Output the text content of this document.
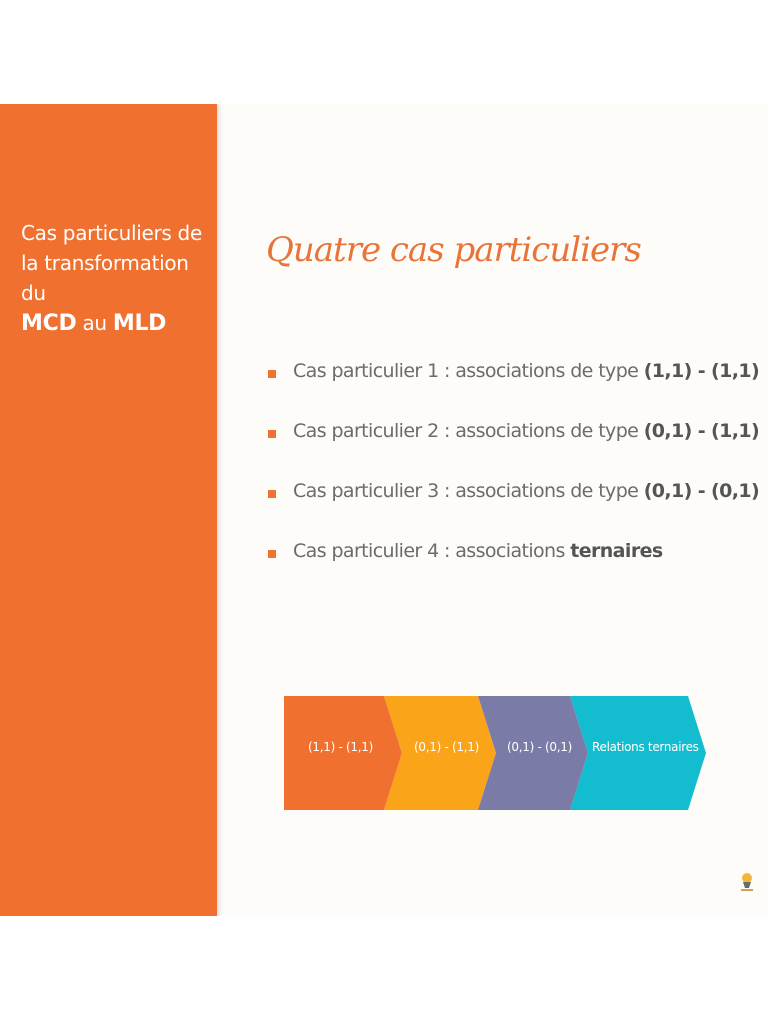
Cas particuliers de
la transformation du
MCD au MLD
Quatre cas particuliers
Cas particulier 1 : associations de type (1,1) - (1,1)
Cas particulier 2 : associations de type (0,1) - (1,1)
Cas particulier 3 : associations de type (0,1) - (0,1)
Cas particulier 4 : associations ternaires
(1,1) - (1,1)	(0,1) - (1,1) (0,1) - (0,1) Relations ternaires
